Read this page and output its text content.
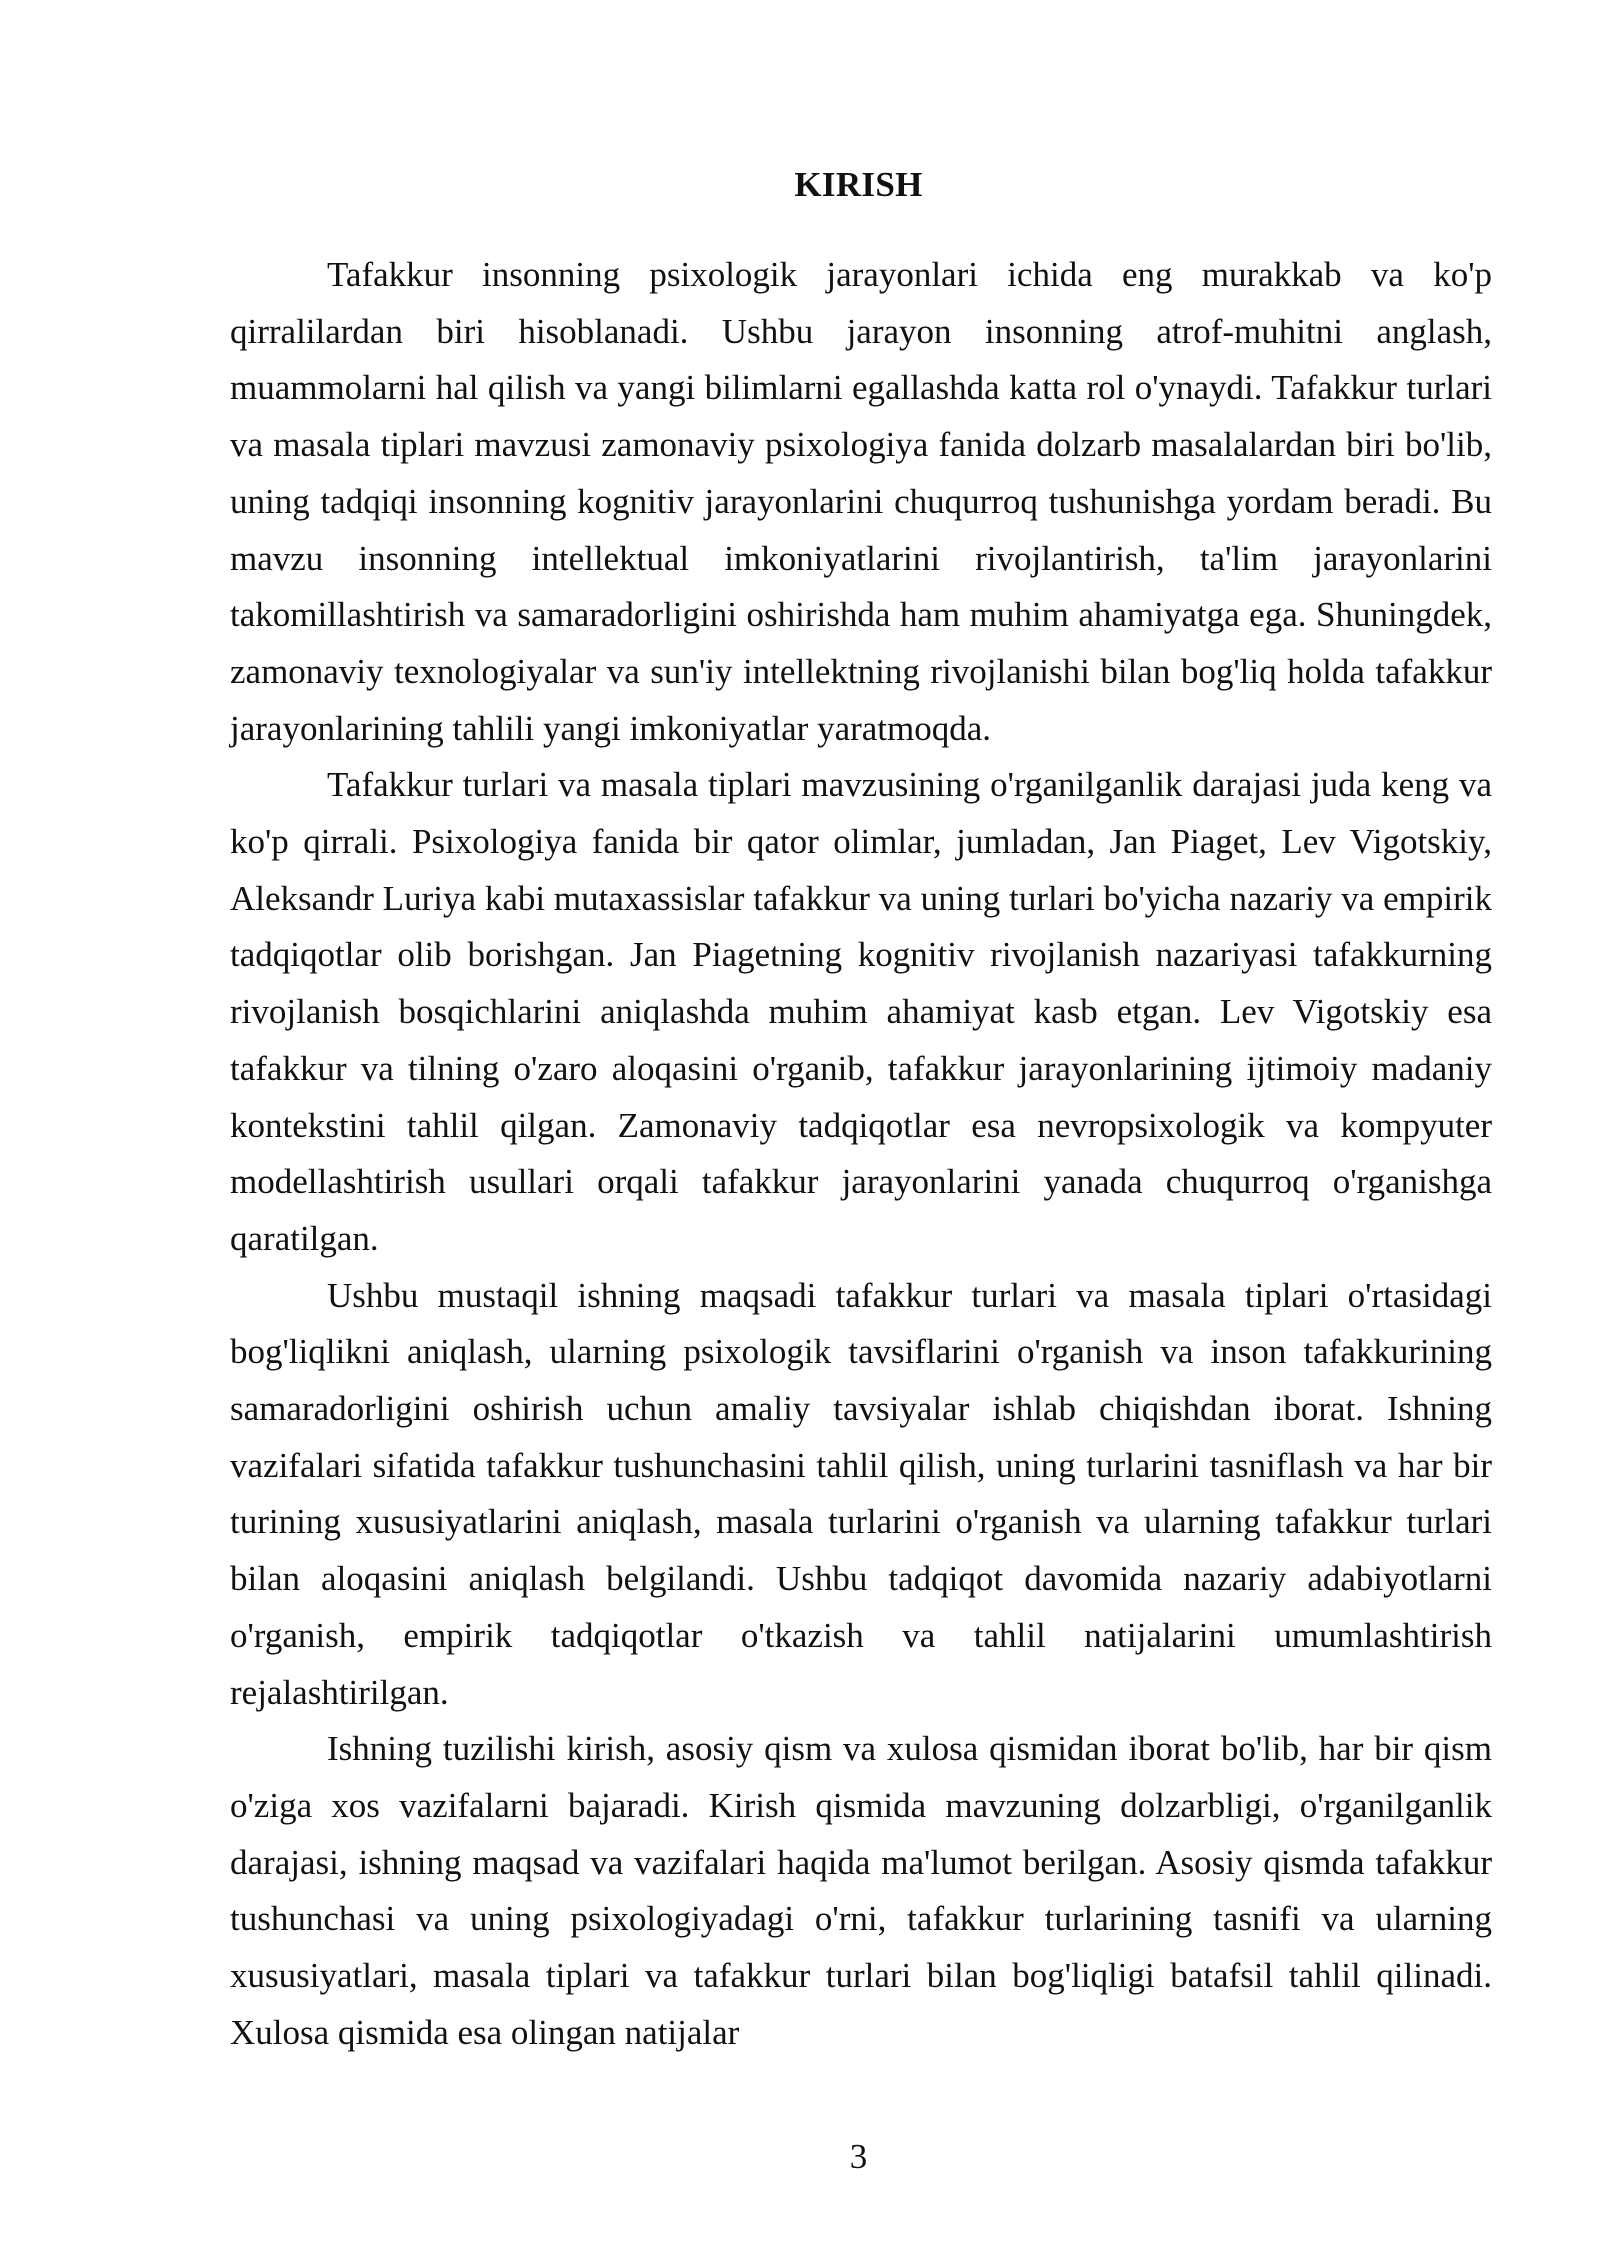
KIRISH

Tafakkur insonning psixologik jarayonlari ichida eng murakkab va ko'p qirralilardan biri hisoblanadi. Ushbu jarayon insonning atrof-muhitni anglash, muammolarni hal qilish va yangi bilimlarni egallashda katta rol o'ynaydi. Tafakkur turlari va masala tiplari mavzusi zamonaviy psixologiya fanida dolzarb masalalardan biri bo'lib, uning tadqiqi insonning kognitiv jarayonlarini chuqurroq tushunishga yordam beradi. Bu mavzu insonning intellektual imkoniyatlarini rivojlantirish, ta'lim jarayonlarini takomillashtirish va samaradorligini oshirishda ham muhim ahamiyatga ega. Shuningdek, zamonaviy texnologiyalar va sun'iy intellektning rivojlanishi bilan bog'liq holda tafakkur jarayonlarining tahlili yangi imkoniyatlar yaratmoqda.

Tafakkur turlari va masala tiplari mavzusining o'rganilganlik darajasi juda keng va ko'p qirrali. Psixologiya fanida bir qator olimlar, jumladan, Jan Piaget, Lev Vigotskiy, Aleksandr Luriya kabi mutaxassislar tafakkur va uning turlari bo'yicha nazariy va empirik tadqiqotlar olib borishgan. Jan Piagetning kognitiv rivojlanish nazariyasi tafakkurning rivojlanish bosqichlarini aniqlashda muhim ahamiyat kasb etgan. Lev Vigotskiy esa tafakkur va tilning o'zaro aloqasini o'rganib, tafakkur jarayonlarining ijtimoiy madaniy kontekstini tahlil qilgan. Zamonaviy tadqiqotlar esa nevropsixologik va kompyuter modellashtirish usullari orqali tafakkur jarayonlarini yanada chuqurroq o'rganishga qaratilgan.

Ushbu mustaqil ishning maqsadi tafakkur turlari va masala tiplari o'rtasidagi bog'liqlikni aniqlash, ularning psixologik tavsiflarini o'rganish va inson tafakkurining samaradorligini oshirish uchun amaliy tavsiyalar ishlab chiqishdan iborat. Ishning vazifalari sifatida tafakkur tushunchasini tahlil qilish, uning turlarini tasniflash va har bir turining xususiyatlarini aniqlash, masala turlarini o'rganish va ularning tafakkur turlari bilan aloqasini aniqlash belgilandi. Ushbu tadqiqot davomida nazariy adabiyotlarni o'rganish, empirik tadqiqotlar o'tkazish va tahlil natijalarini umumlashtirish rejalashtirilgan.

Ishning tuzilishi kirish, asosiy qism va xulosa qismidan iborat bo'lib, har bir qism o'ziga xos vazifalarni bajaradi. Kirish qismida mavzuning dolzarbligi, o'rganilganlik darajasi, ishning maqsad va vazifalari haqida ma'lumot berilgan. Asosiy qismda tafakkur tushunchasi va uning psixologiyadagi o'rni, tafakkur turlarining tasnifi va ularning xususiyatlari, masala tiplari va tafakkur turlari bilan bog'liqligi batafsil tahlil qilinadi. Xulosa qismida esa olingan natijalar

3
